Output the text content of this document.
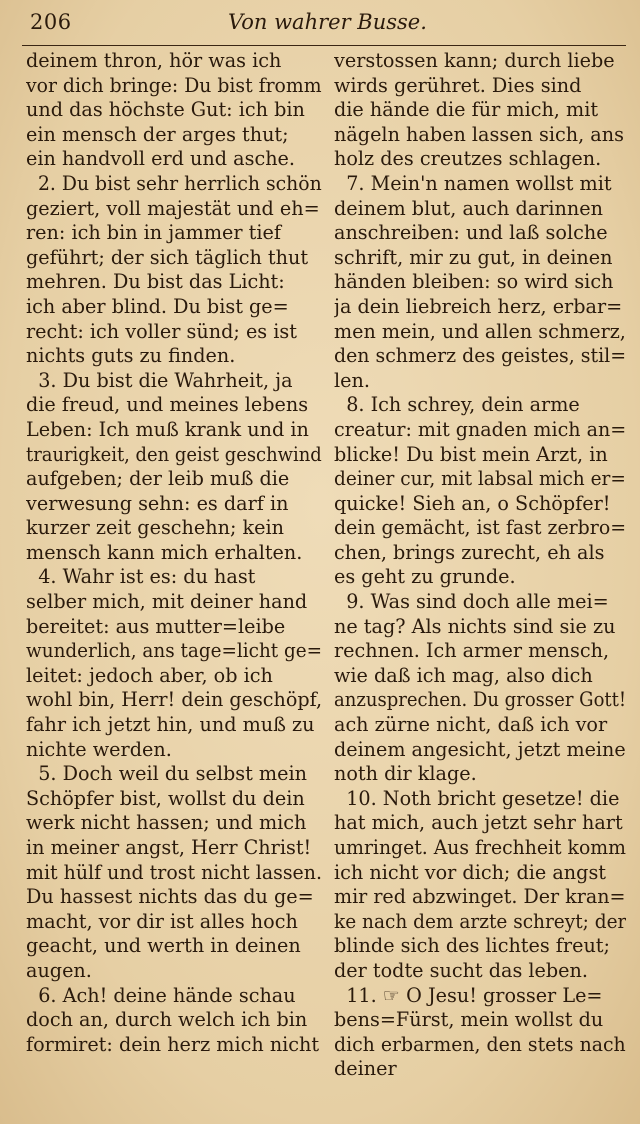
206	Von wahrer Busse.
deinem thron, hör was ich
vor dich bringe: Du bist fromm
und das höchste Gut: ich bin
ein mensch der arges thut;
ein handvoll erd und asche.
2. Du bist sehr herrlich schön
geziert, voll majestät und eh=
ren: ich bin in jammer tief
geführt; der sich täglich thut
mehren. Du bist das Licht:
ich aber blind. Du bist ge=
recht: ich voller sünd; es ist
nichts guts zu finden.
3. Du bist die Wahrheit, ja
die freud, und meines lebens
Leben: Ich muß krank und in
traurigkeit, den geist geschwind
aufgeben; der leib muß die
verwesung sehn: es darf in
kurzer zeit geschehn; kein
mensch kann mich erhalten.
4. Wahr ist es: du hast
selber mich, mit deiner hand
bereitet: aus mutter=leibe
wunderlich, ans tage=licht ge=
leitet: jedoch aber, ob ich
wohl bin, Herr! dein geschöpf,
fahr ich jetzt hin, und muß zu
nichte werden.
5. Doch weil du selbst mein
Schöpfer bist, wollst du dein
werk nicht hassen; und mich
in meiner angst, Herr Christ!
mit hülf und trost nicht lassen.
Du hassest nichts das du ge=
macht, vor dir ist alles hoch
geacht, und werth in deinen
augen.
6. Ach! deine hände schau
doch an, durch welch ich bin
formiret: dein herz mich nicht
verstossen kann; durch liebe
wirds gerühret. Dies sind
die hände die für mich, mit
nägeln haben lassen sich, ans
holz des creutzes schlagen.
7. Mein'n namen wollst mit
deinem blut, auch darinnen
anschreiben: und laß solche
schrift, mir zu gut, in deinen
händen bleiben: so wird sich
ja dein liebreich herz, erbar=
men mein, und allen schmerz,
den schmerz des geistes, stil=
len.
8. Ich schrey, dein arme
creatur: mit gnaden mich an=
blicke! Du bist mein Arzt, in
deiner cur, mit labsal mich er=
quicke! Sieh an, o Schöpfer!
dein gemächt, ist fast zerbro=
chen, brings zurecht, eh als
es geht zu grunde.
9. Was sind doch alle mei=
ne tag? Als nichts sind sie zu
rechnen. Ich armer mensch,
wie daß ich mag, also dich
anzusprechen. Du grosser Gott!
ach zürne nicht, daß ich vor
deinem angesicht, jetzt meine
noth dir klage.
10. Noth bricht gesetze! die
hat mich, auch jetzt sehr hart
umringet. Aus frechheit komm
ich nicht vor dich; die angst
mir red abzwinget. Der kran=
ke nach dem arzte schreyt; der
blinde sich des lichtes freut;
der todte sucht das leben.
11. ☞ O Jesu! grosser Le=
bens=Fürst, mein wollst du
dich erbarmen, den stets nach
deiner
